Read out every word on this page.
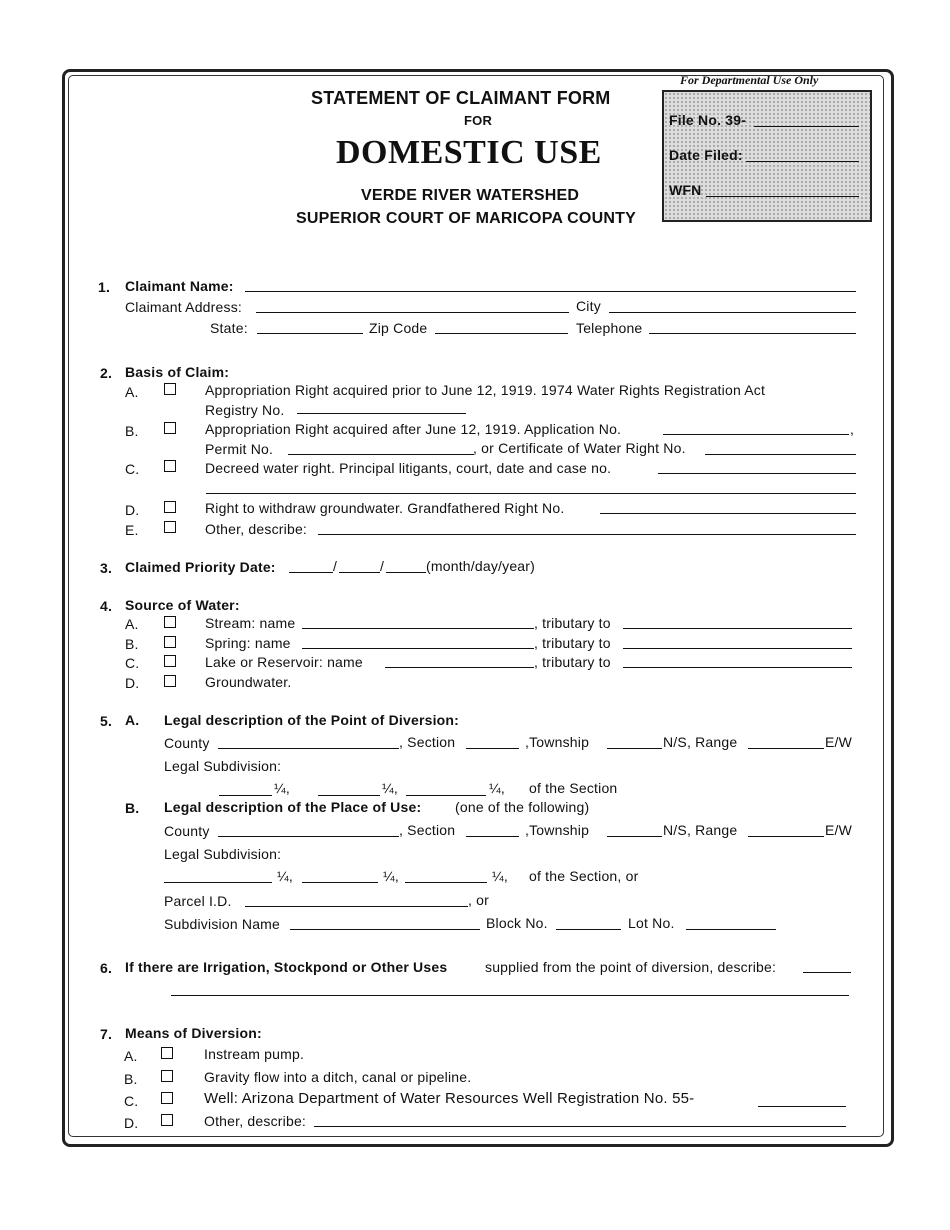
STATEMENT OF CLAIMANT FORM
FOR
DOMESTIC USE
VERDE RIVER WATERSHED
SUPERIOR COURT OF MARICOPA COUNTY
For Departmental Use Only
File No. 39-
Date Filed:
WFN
1. Claimant Name:
Claimant Address:	City
State:	Zip Code	Telephone
2. Basis of Claim:
A.	Appropriation Right acquired prior to June 12, 1919. 1974 Water Rights Registration Act
Registry No.
B.	Appropriation Right acquired after June 12, 1919. Application No.	,
Permit No.	, or Certificate of Water Right No.
C.	Decreed water right. Principal litigants, court, date and case no.
D.	Right to withdraw groundwater. Grandfathered Right No.
E.	Other, describe:
3. Claimed Priority Date:	/	/	(month/day/year)
4. Source of Water:
A.	Stream: name	, tributary to
B.	Spring: name	, tributary to
C.	Lake or Reservoir: name	, tributary to
D.	Groundwater.
5. A. Legal description of the Point of Diversion:
County	, Section	,Township	N/S, Range	E/W
Legal Subdivision:
¼,	¼,	¼, of the Section
B. Legal description of the Place of Use: (one of the following)
County	, Section	,Township	N/S, Range	E/W
Legal Subdivision:
¼,	¼,	¼, of the Section, or
Parcel I.D.	, or
Subdivision Name	Block No.	Lot No.
6. If there are Irrigation, Stockpond or Other Uses	supplied from the point of diversion, describe:
7. Means of Diversion:
A.	Instream pump.
B.	Gravity flow into a ditch, canal or pipeline.
C.	Well: Arizona Department of Water Resources Well Registration No. 55-
D.	Other, describe:
